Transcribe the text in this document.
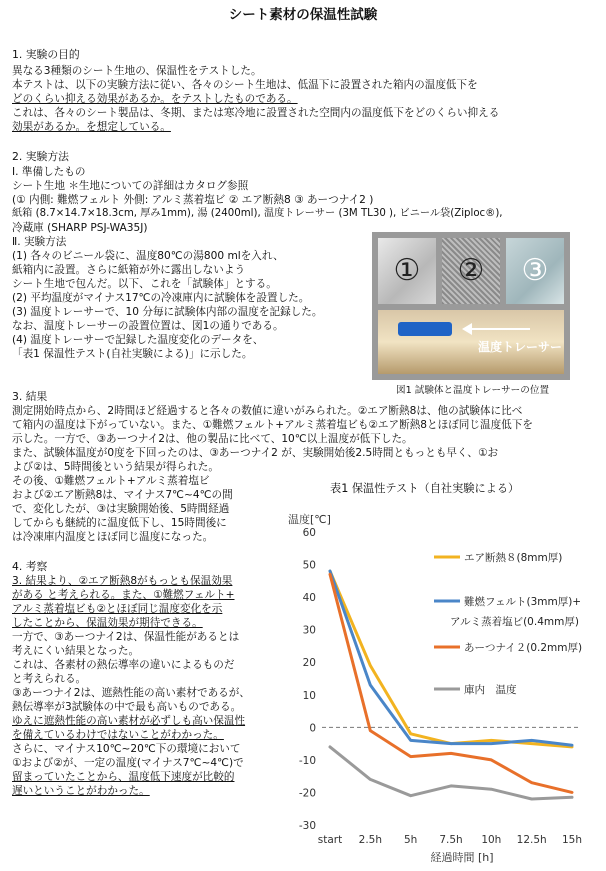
シート素材の保温性試験
1. 実験の目的
異なる3種類のシート生地の、保温性をテストした。
本テストは、以下の実験方法に従い、各々のシート生地は、低温下に設置された箱内の温度低下を
どのくらい抑える効果があるか。をテストしたものである。
これは、各々のシート製品は、冬期、または寒冷地に設置された空間内の温度低下をどのくらい抑える
効果があるか。を想定している。
2. 実験方法
Ⅰ. 準備したもの
シート生地 ＊生地についての詳細はカタログ参照
(① 内側: 難燃フェルト 外側: アルミ蒸着塩ビ ② エア断熱8 ③ あーつナイ2 )
紙箱 (8.7×14.7×18.3cm, 厚み1mm), 湯 (2400ml), 温度トレーサー (3M TL30 ), ビニール袋(Ziploc®),
冷蔵庫 (SHARP PSJ-WA35J)
Ⅱ. 実験方法
(1) 各々のビニール袋に、温度80℃の湯800 mlを入れ、
紙箱内に設置。さらに紙箱が外に露出しないよう
シート生地で包んだ。以下、これを「試験体」とする。
(2) 平均温度がマイナス17℃の冷凍庫内に試験体を設置した。
(3) 温度トレーサーで、10 分毎に試験体内部の温度を記録した。
なお、温度トレーサーの設置位置は、図1の通りである。
(4) 温度トレーサーで記録した温度変化のデータを、
「表1 保温性テスト(自社実験による)」に示した。
① ② ③
温度トレーサー
図1 試験体と温度トレーサーの位置
3. 結果
測定開始時点から、2時間ほど経過すると各々の数値に違いがみられた。②エア断熱8は、他の試験体に比べ
て箱内の温度は下がっていない。また、①難燃フェルト+アルミ蒸着塩ビも②エア断熱8とほぼ同じ温度低下を
示した。一方で、③あーつナイ2は、他の製品に比べて、10℃以上温度が低下した。
また、試験体温度が0度を下回ったのは、③あーつナイ2 が、実験開始後2.5時間ともっとも早く、①お
よび②は、5時間後という結果が得られた。
その後、①難燃フェルト+アルミ蒸着塩ビ
および②エア断熱8は、マイナス7℃~4℃の間
で、変化したが、③は実験開始後、5時間経過
してからも継続的に温度低下し、15時間後に
は冷凍庫内温度とほぼ同じ温度になった。
表1 保温性テスト（自社実験による）
4. 考察
3. 結果より、②エア断熱8がもっとも保温効果
がある と考えられる。また、①難燃フェルト+
アルミ蒸着塩ビも②とほぼ同じ温度変化を示
したことから、保温効果が期待できる。
一方で、③あーつナイ2は、保温性能があるとは
考えにくい結果となった。
これは、各素材の熱伝導率の違いによるものだ
と考えられる。
③あーつナイ2は、遮熱性能の高い素材であるが、
熱伝導率が3試験体の中で最も高いものである。
ゆえに遮熱性能の高い素材が必ずしも高い保温性
を備えているわけではないことがわかった。
さらに、マイナス10℃~20℃下の環境において
①および②が、一定の温度(マイナス7℃~4℃)で
留まっていたことから、温度低下速度が比較的
遅いということがわかった。
温度[℃]
経過時間 [h]
60
50
40
30
20
10
0
-10
-20
-30
start 2.5h 5h 7.5h 10h 12.5h 15h
エア断熱８(8mm厚)
難燃フェルト(3mm厚)+
アルミ蒸着塩ビ(0.4mm厚)
あーつナイ２(0.2mm厚)
庫内　温度
